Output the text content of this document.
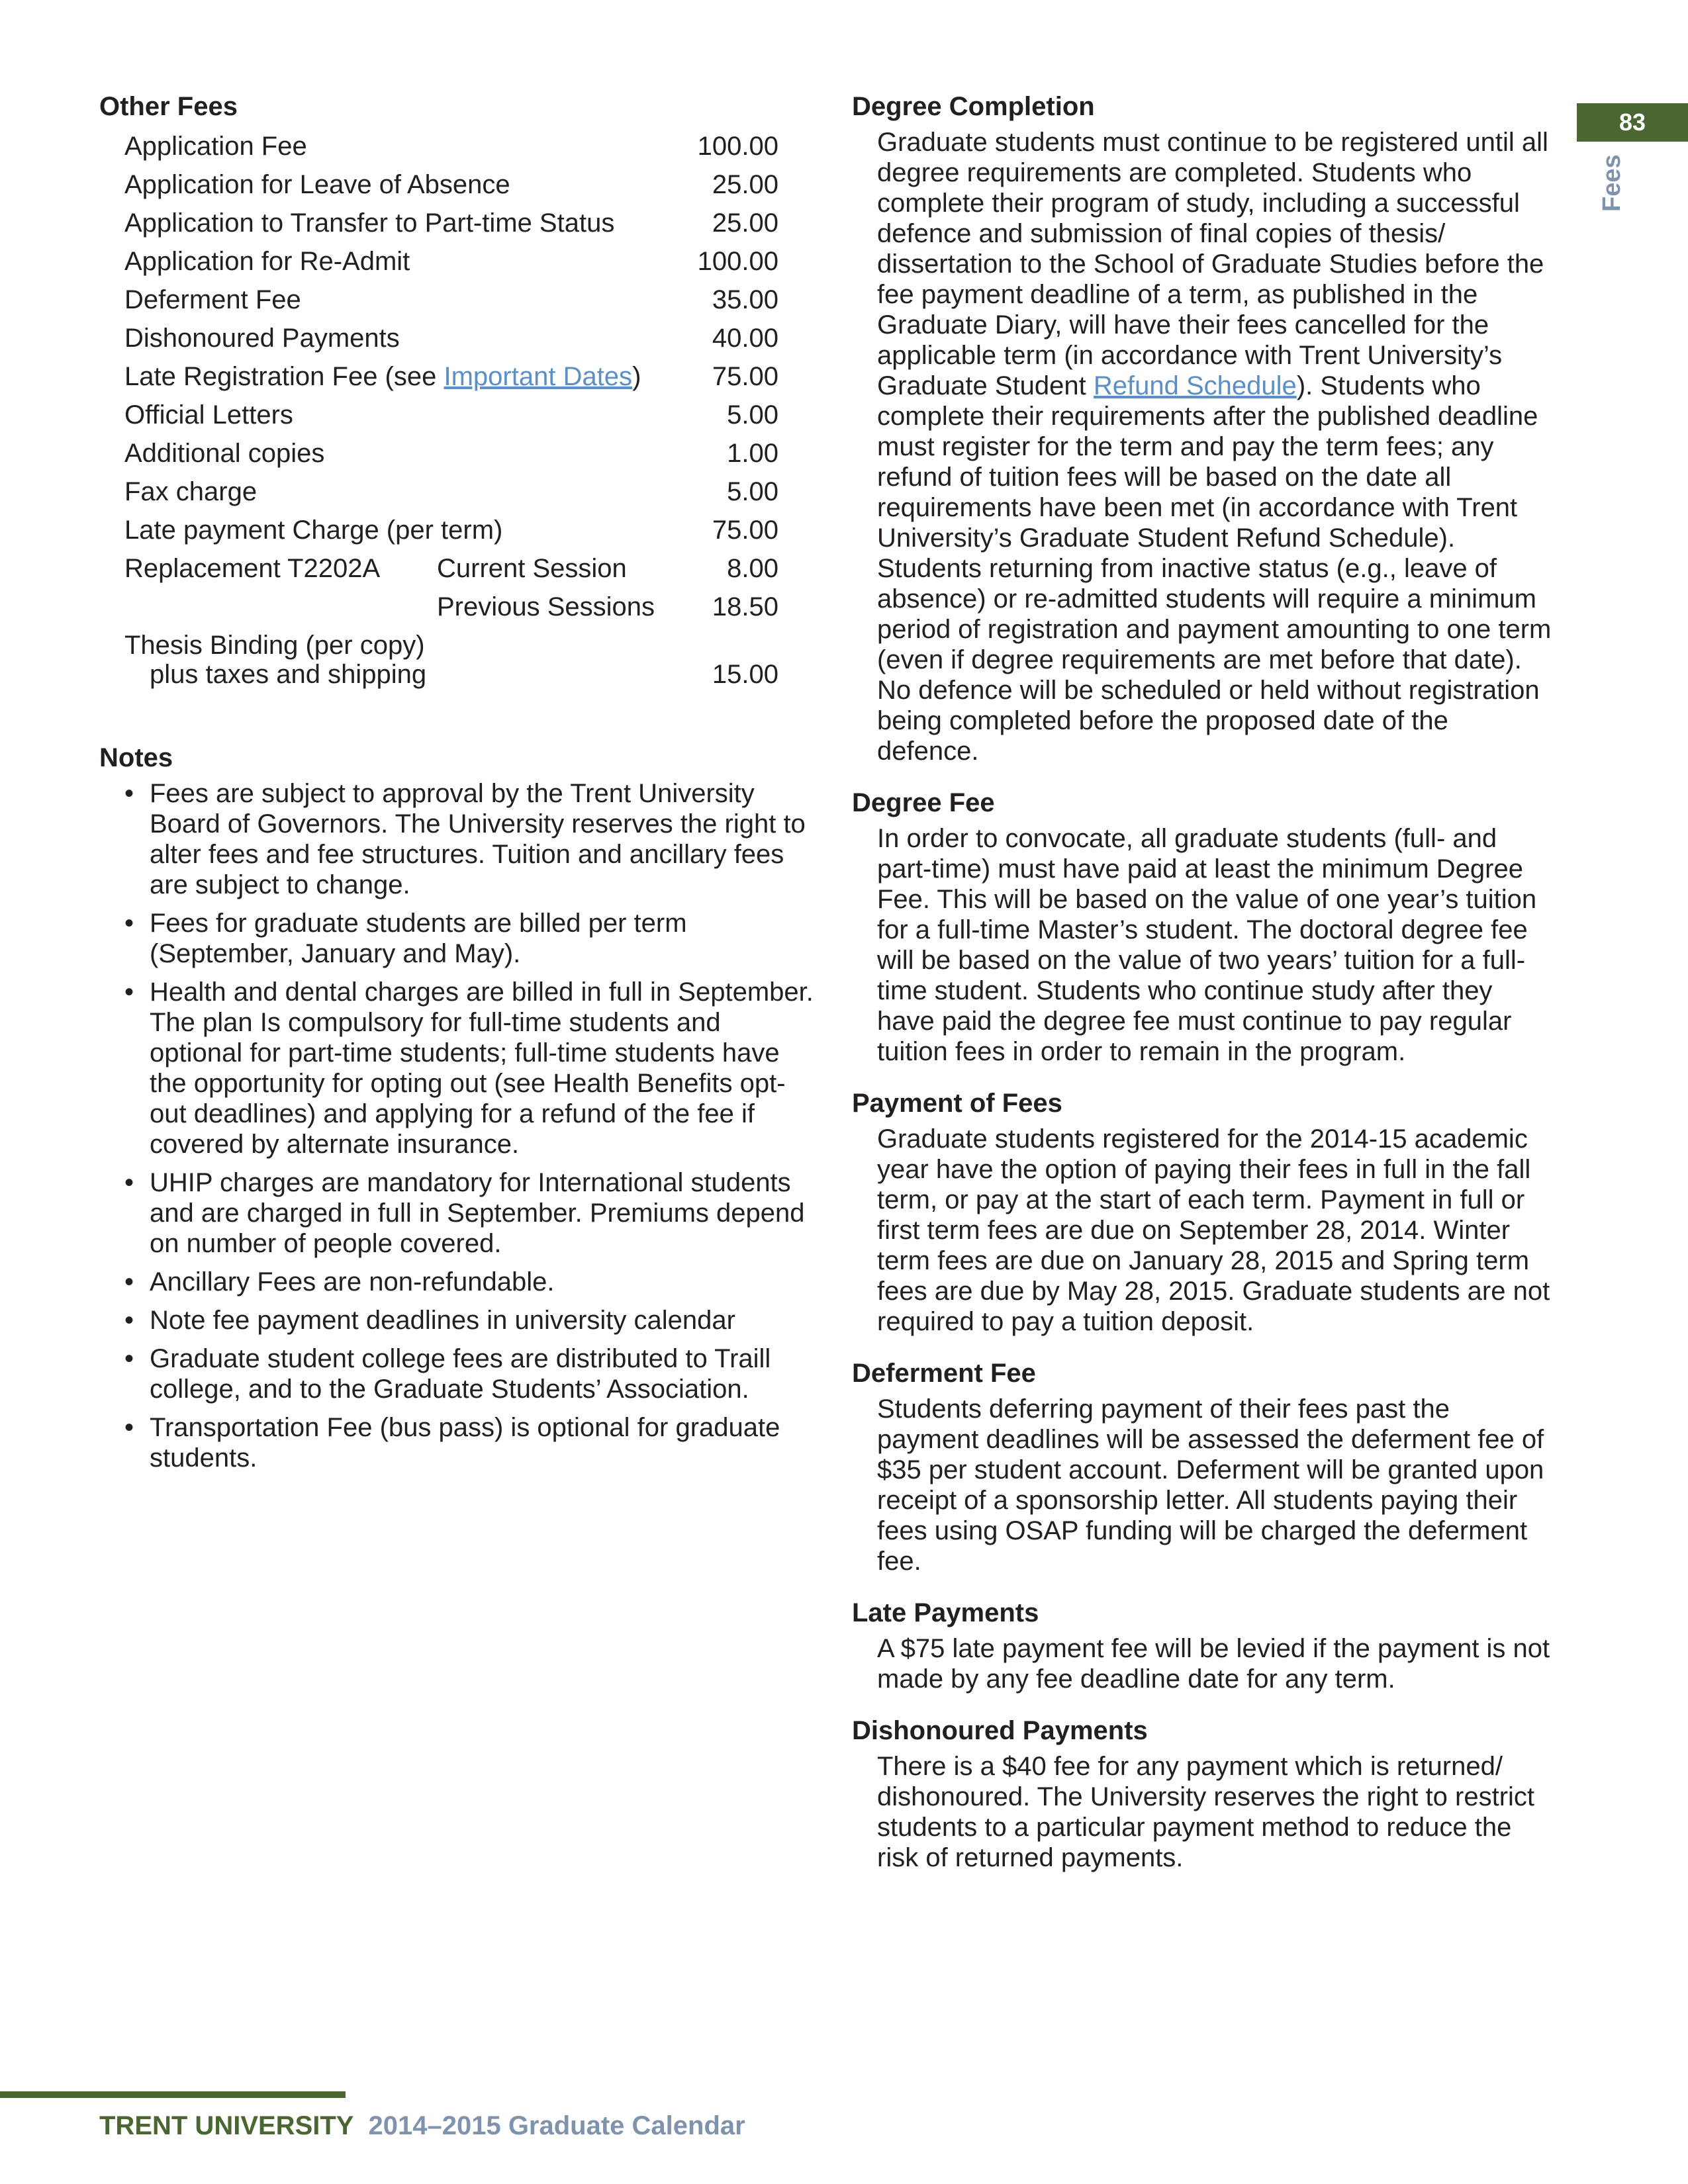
83
Fees
Other Fees
Application Fee	100.00
Application for Leave of Absence	25.00
Application to Transfer to Part-time Status	25.00
Application for Re-Admit	100.00
Deferment Fee	35.00
Dishonoured Payments	40.00
Late Registration Fee (see Important Dates)	75.00
Official Letters	5.00
Additional copies	1.00
Fax charge	5.00
Late payment Charge (per term)	75.00
Replacement T2202A Current Session	8.00
Previous Sessions	18.50
Thesis Binding (per copy)
plus taxes and shipping	15.00
Notes
• Fees are subject to approval by the Trent University Board of Governors. The University reserves the right to alter fees and fee structures. Tuition and ancillary fees are subject to change.
• Fees for graduate students are billed per term (September, January and May).
• Health and dental charges are billed in full in September. The plan Is compulsory for full-time students and optional for part-time students; full-time students have the opportunity for opting out (see Health Benefits opt-out deadlines) and applying for a refund of the fee if covered by alternate insurance.
• UHIP charges are mandatory for International students and are charged in full in September. Premiums depend on number of people covered.
• Ancillary Fees are non-refundable.
• Note fee payment deadlines in university calendar
• Graduate student college fees are distributed to Traill college, and to the Graduate Students’ Association.
• Transportation Fee (bus pass) is optional for graduate students.
Degree Completion

Graduate students must continue to be registered until all degree requirements are completed. Students who complete their program of study, including a successful defence and submission of final copies of thesis/ dissertation to the School of Graduate Studies before the fee payment deadline of a term, as published in the Graduate Diary, will have their fees cancelled for the applicable term (in accordance with Trent University’s Graduate Student Refund Schedule). Students who complete their requirements after the published deadline must register for the term and pay the term fees; any refund of tuition fees will be based on the date all requirements have been met (in accordance with Trent University’s Graduate Student Refund Schedule). Students returning from inactive status (e.g., leave of absence) or re-admitted students will require a minimum period of registration and payment amounting to one term (even if degree requirements are met before that date). No defence will be scheduled or held without registration being completed before the proposed date of the defence.

Degree Fee

In order to convocate, all graduate students (full- and part-time) must have paid at least the minimum Degree Fee. This will be based on the value of one year’s tuition for a full-time Master’s student. The doctoral degree fee will be based on the value of two years’ tuition for a full-time student. Students who continue study after they have paid the degree fee must continue to pay regular tuition fees in order to remain in the program.

Payment of Fees

Graduate students registered for the 2014-15 academic year have the option of paying their fees in full in the fall term, or pay at the start of each term. Payment in full or first term fees are due on September 28, 2014. Winter term fees are due on January 28, 2015 and Spring term fees are due by May 28, 2015. Graduate students are not required to pay a tuition deposit.

Deferment Fee

Students deferring payment of their fees past the payment deadlines will be assessed the deferment fee of $35 per student account. Deferment will be granted upon receipt of a sponsorship letter. All students paying their fees using OSAP funding will be charged the deferment fee.

Late Payments

A $75 late payment fee will be levied if the payment is not made by any fee deadline date for any term.

Dishonoured Payments

There is a $40 fee for any payment which is returned/ dishonoured. The University reserves the right to restrict students to a particular payment method to reduce the risk of returned payments.

TRENT UNIVERSITY 2014–2015 Graduate Calendar
